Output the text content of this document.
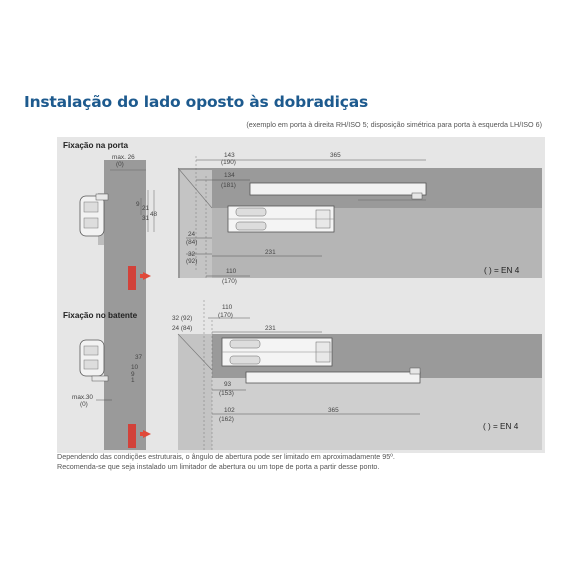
Instalação do lado oposto às dobradiças
(exemplo em porta à direita RH/ISO 5; disposição simétrica para porta à esquerda LH/ISO 6)
max. 26
(0)
9
21
31
48
143
(190)
134
(181)
365
24
(84)
32
(92)
231
110
(170)
37
10
9
1
max.30
(0)
110
(170)
32 (92)
24 (84)	231
93
(153)
102
(162)
365
Fixação na porta
( ) = EN 4
Fixação no batente
( ) = EN 4
Dependendo das condições estruturais, o ângulo de abertura pode ser limitado em aproximadamente 95º.
Recomenda-se que seja instalado um limitador de abertura ou um tope de porta a partir desse ponto.
